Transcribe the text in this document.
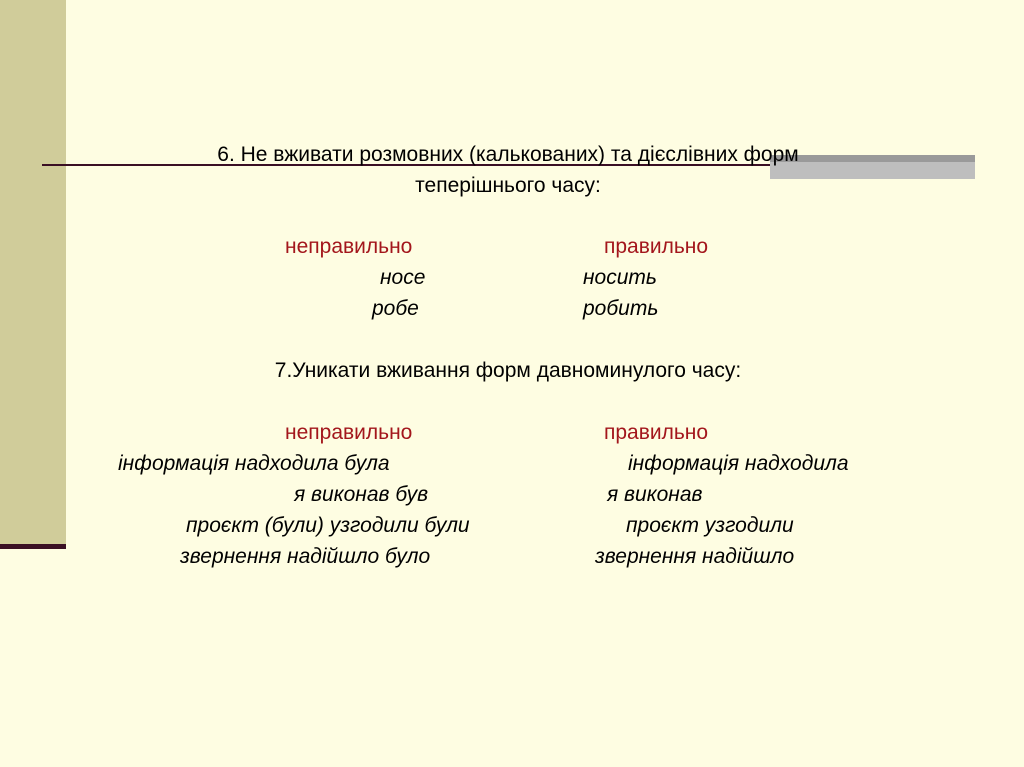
6. Не вживати розмовних (калькованих) та дієслівних форм
теперішнього часу:
неправильно	правильно
носе	носить
робе	робить
7.Уникати вживання форм давноминулого часу:
неправильно	правильно
інформація надходила була	інформація надходила
я виконав був	я виконав
проєкт (були) узгодили були	проєкт узгодили
звернення надійшло було	звернення надійшло
